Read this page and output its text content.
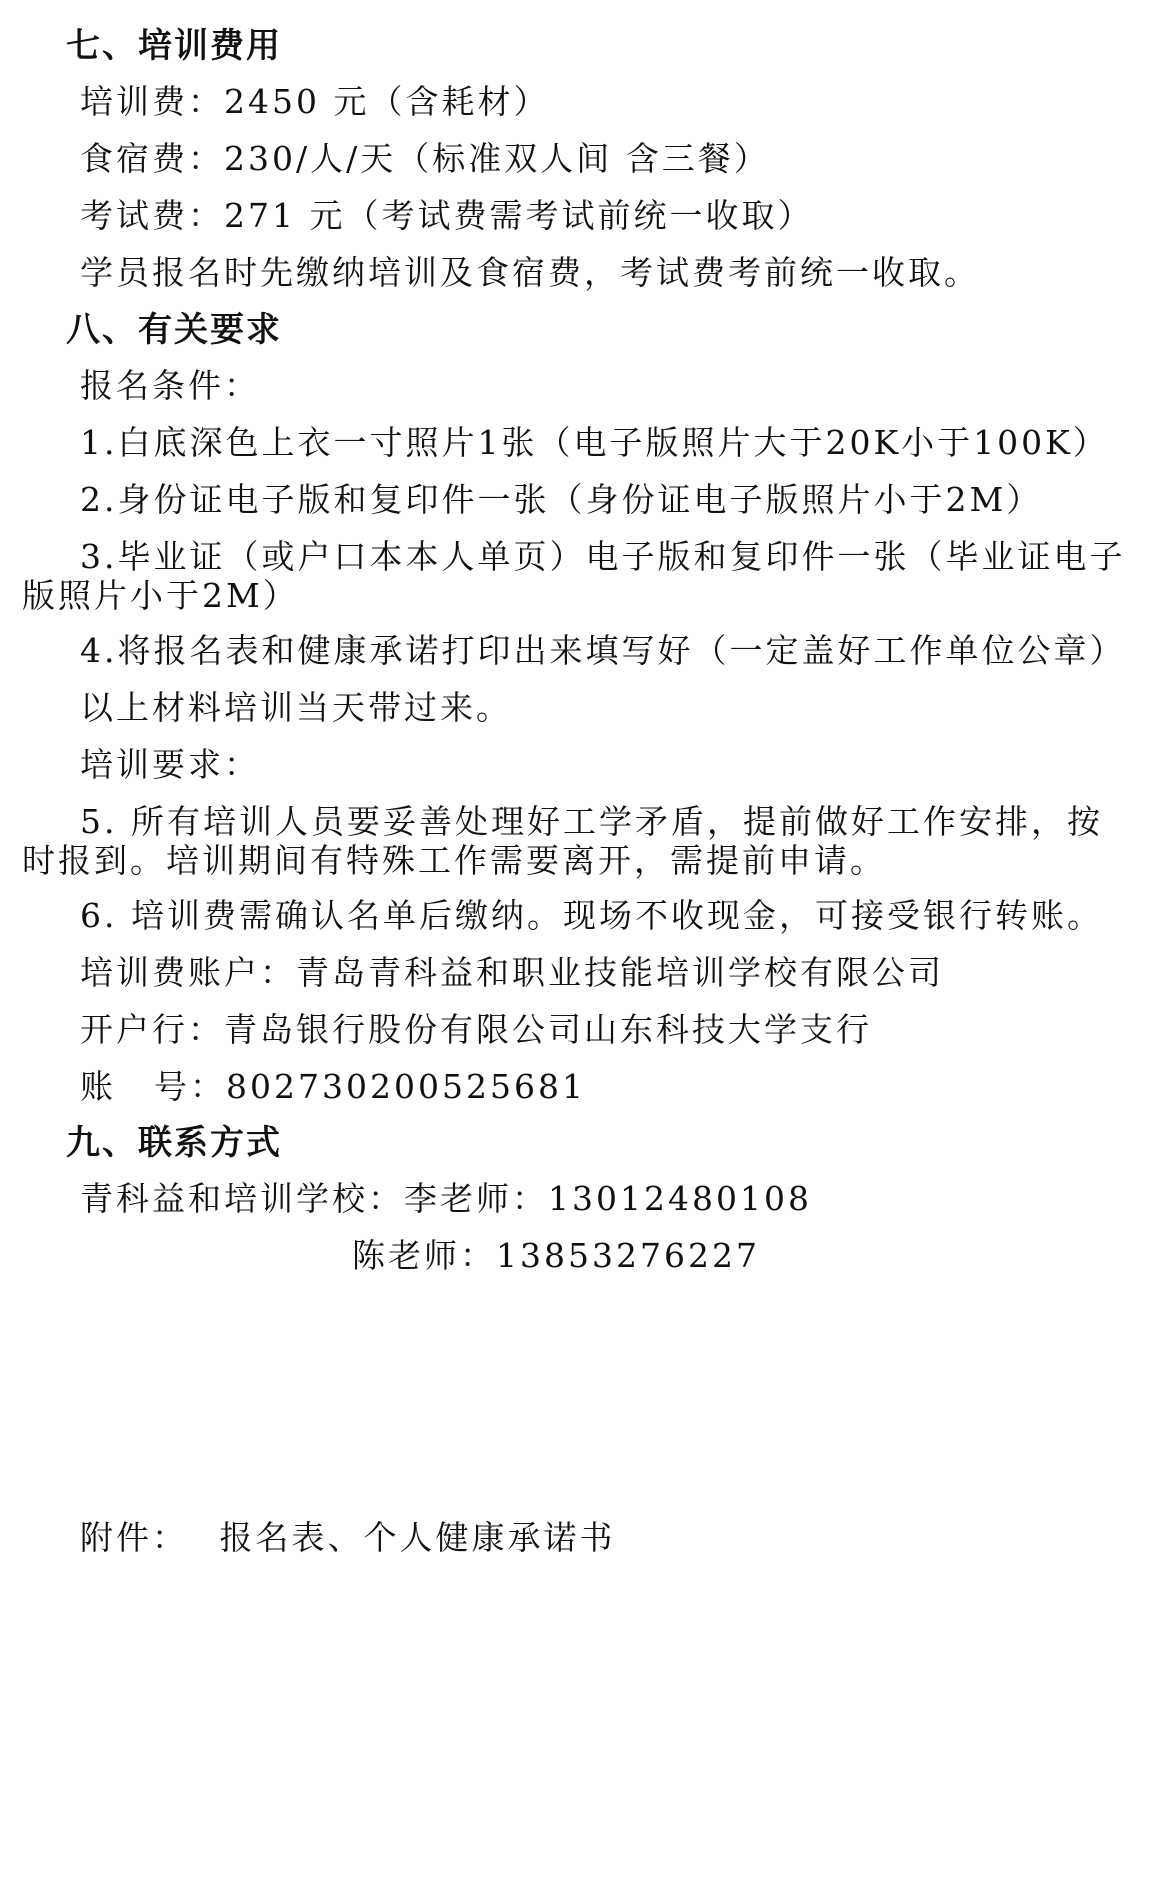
七、培训费用
培训费：2450 元（含耗材）
食宿费：230/人/天（标准双人间 含三餐）
考试费：271 元（考试费需考试前统一收取）
学员报名时先缴纳培训及食宿费，考试费考前统一收取。
八、有关要求
报名条件：
1.白底深色上衣一寸照片1张（电子版照片大于20K小于100K）
2.身份证电子版和复印件一张（身份证电子版照片小于2M）
3.毕业证（或户口本本人单页）电子版和复印件一张（毕业证电子
版照片小于2M）
4.将报名表和健康承诺打印出来填写好（一定盖好工作单位公章）
以上材料培训当天带过来。
培训要求：
5. 所有培训人员要妥善处理好工学矛盾，提前做好工作安排，按
时报到。培训期间有特殊工作需要离开，需提前申请。
6. 培训费需确认名单后缴纳。现场不收现金，可接受银行转账。
培训费账户：青岛青科益和职业技能培训学校有限公司
开户行：青岛银行股份有限公司山东科技大学支行
账 号：802730200525681
九、联系方式
青科益和培训学校：李老师：13012480108
陈老师：13853276227
附件： 报名表、个人健康承诺书
